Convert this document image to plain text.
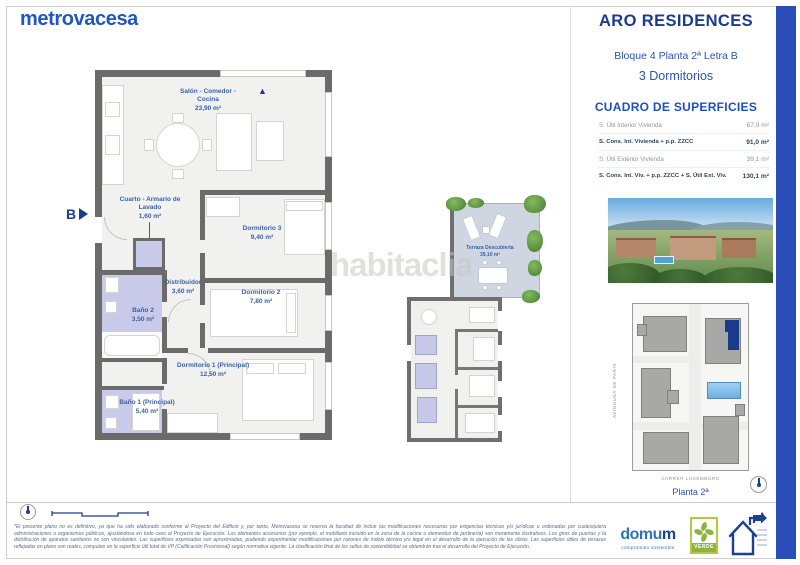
metrovacesa	ARO RESIDENCES
Bloque 4 Planta 2ª Letra B
3 Dormitorios
CUADRO DE SUPERFICIES
S. Útil Interior Vivienda	67,9 m²
S. Cons. Int. Vivienda + p.p. ZZCC	91,0 m²
S. Útil Exterior Vivienda	39,1 m²
S. Cons. Int. Viv. + p.p. ZZCC + S. Útil Ext. Viv. 130,1 m²
Salón - Comedor - Cocina
23,90 m²
▲
Cuarto - Armario de Lavado
1,60 m²
Dormitorio 3
9,40 m²
Distribuidor
3,60 m²	Dormitorio 2
7,80 m²
Baño 2
3,50 m²
Dormitorio 1 (Principal)
12,50 m²
Baño 1 (Principal)
5,40 m²
B
Terraza Descubierta
39,10 m²
habitaclia
AVINGUDA DE PARIS
CARRER LUXEMBURG
Planta 2ª
*El presente plano no es definitivo, ya que ha sido elaborado conforme al Proyecto del Edificio y, por tanto, Metrovacesa se reserva la facultad de incluir las modificaciones necesarias por exigencias técnicas y/o jurídicas u ordenadas por cualesquiera administraciones u organismos públicos, ajustándose en todo caso al Proyecto de Ejecución. Los elementos accesorios (por ejemplo, el mobiliario incluido en la zona de la cocina o elementos de jardinería) son meramente ilustrativos. Los giros de puertas y la distribución de aparatos sanitarios no son vinculantes. Las superficies expresadas son aproximadas, pudiendo experimentar modificaciones por razones de índole técnico y/o legal en el desarrollo de la ejecución de las obras. Las superficies útiles de terrazas reflejadas en plano son reales, computan en la superficie útil total de VP (Calificación Provisional) según normativa vigente. La clasificación final de los sellos de sostenibilidad se obtendrán tras el desarrollo del Proyecto de Ejecución.
domum
compromiso sostenible	VERDE
A
